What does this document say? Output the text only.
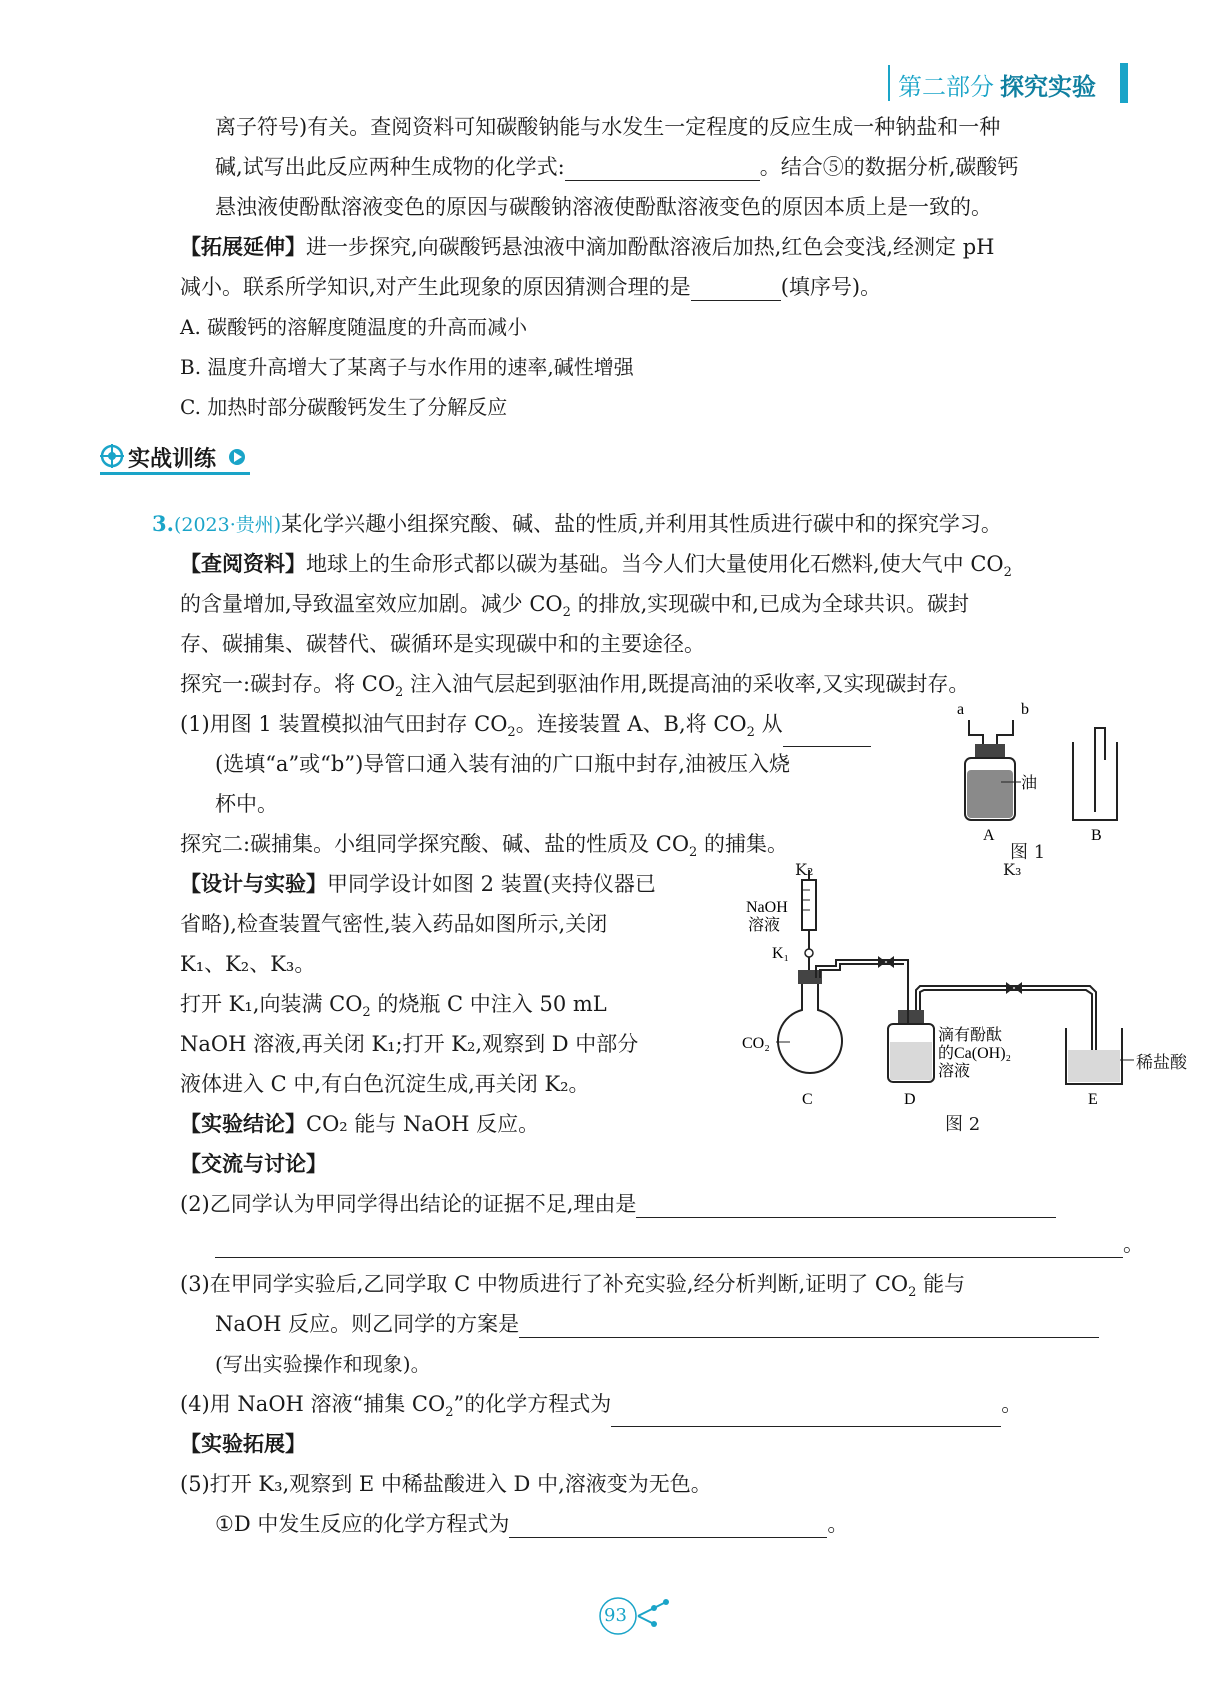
第二部分 探究实验
离子符号)有关。查阅资料可知碳酸钠能与水发生一定程度的反应生成一种钠盐和一种
碱,试写出此反应两种生成物的化学式:	。结合⑤的数据分析,碳酸钙
悬浊液使酚酞溶液变色的原因与碳酸钠溶液使酚酞溶液变色的原因本质上是一致的。
【拓展延伸】进一步探究,向碳酸钙悬浊液中滴加酚酞溶液后加热,红色会变浅,经测定 pH
减小。联系所学知识,对产生此现象的原因猜测合理的是	(填序号)。
A. 碳酸钙的溶解度随温度的升高而减小
B. 温度升高增大了某离子与水作用的速率,碱性增强
C. 加热时部分碳酸钙发生了分解反应
实战训练
3.(2023·贵州)某化学兴趣小组探究酸、碱、盐的性质,并利用其性质进行碳中和的探究学习。
【查阅资料】地球上的生命形式都以碳为基础。当今人们大量使用化石燃料,使大气中 $CO_2$
的含量增加,导致温室效应加剧。减少 $CO_2$ 的排放,实现碳中和,已成为全球共识。碳封
存、碳捕集、碳替代、碳循环是实现碳中和的主要途径。
探究一:碳封存。将 $CO_2$ 注入油气层起到驱油作用,既提高油的采收率,又实现碳封存。
(1)用图 1 装置模拟油气田封存 $CO_2$。连接装置 A、B,将 $CO_2$ 从
(选填“a”或“b”)导管口通入装有油的广口瓶中封存,油被压入烧
杯中。
a	b
油
A	B
图 1
探究二:碳捕集。小组同学探究酸、碱、盐的性质及 $CO_2$ 的捕集。
【设计与实验】甲同学设计如图 2 装置(夹持仪器已
省略),检查装置气密性,装入药品如图所示,关闭
K₁、K₂、K₃。
打开 K₁,向装满 $CO_2$ 的烧瓶 C 中注入 50 mL
NaOH 溶液,再关闭 K₁;打开 K₂,观察到 D 中部分
液体进入 C 中,有白色沉淀生成,再关闭 K₂。
NaOH
溶液
K₁
CO₂
C
滴有酚酞
的Ca(OH)₂
溶液
D	E
K₂	K₃
稀盐酸
图 2
【实验结论】CO₂ 能与 NaOH 反应。
【交流与讨论】
(2)乙同学认为甲同学得出结论的证据不足,理由是
。
(3)在甲同学实验后,乙同学取 C 中物质进行了补充实验,经分析判断,证明了 $CO_2$ 能与
NaOH 反应。则乙同学的方案是
(写出实验操作和现象)。
(4)用 NaOH 溶液“捕集 $CO_2$”的化学方程式为	。
【实验拓展】
(5)打开 K₃,观察到 E 中稀盐酸进入 D 中,溶液变为无色。
①D 中发生反应的化学方程式为	。
93
